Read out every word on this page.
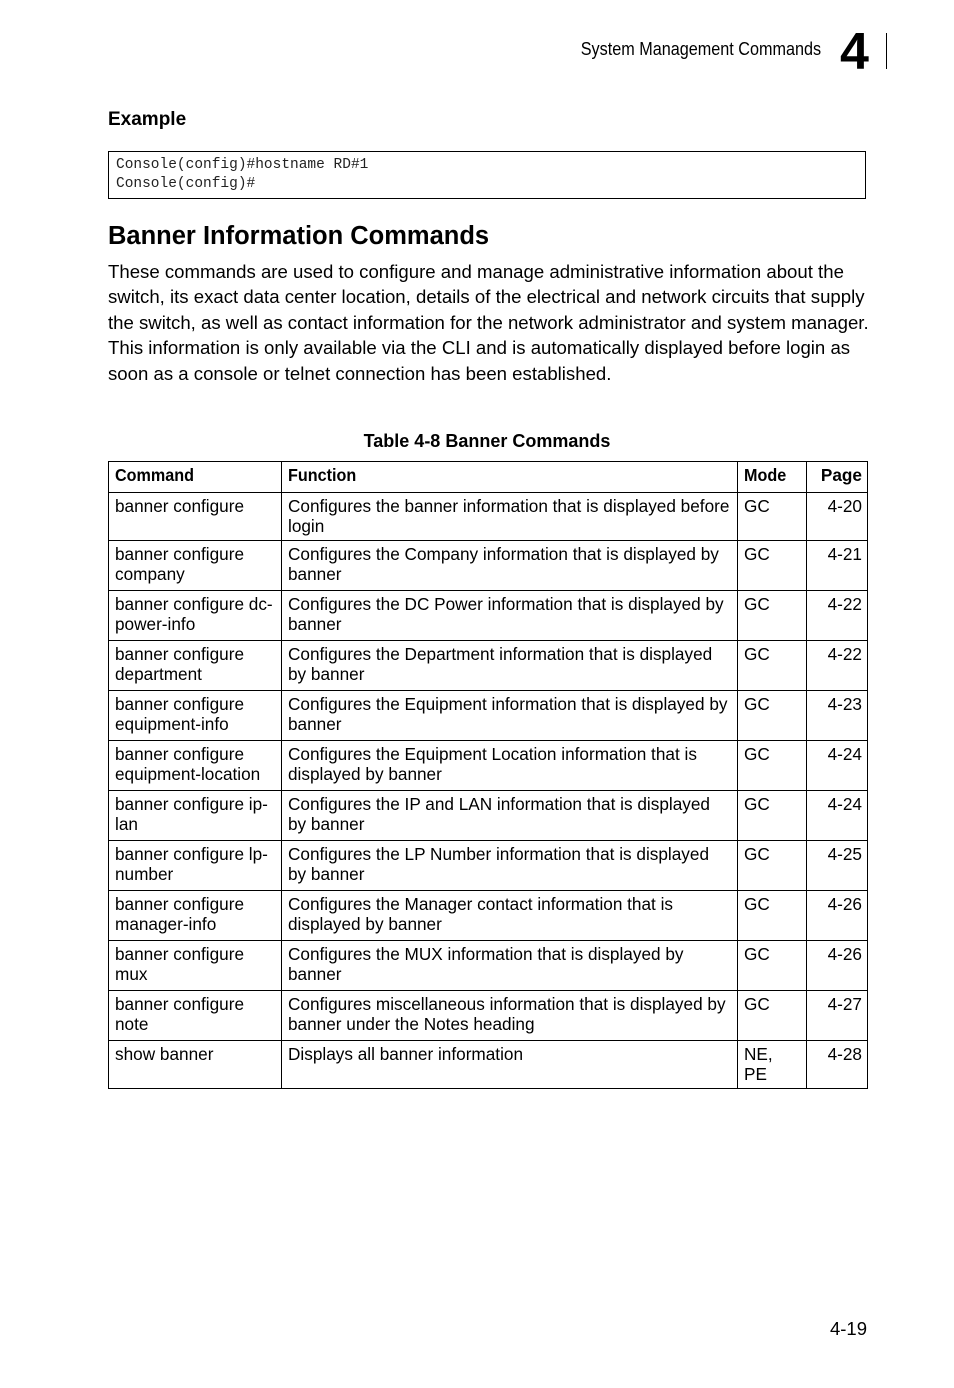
System Management Commands 4
Example
Console(config)#hostname RD#1
Console(config)#
Banner Information Commands
These commands are used to configure and manage administrative information about the switch, its exact data center location, details of the electrical and network circuits that supply the switch, as well as contact information for the network administrator and system manager. This information is only available via the CLI and is automatically displayed before login as soon as a console or telnet connection has been established.
Table 4-8 Banner Commands
Command	Function	Mode	Page
banner configure	Configures the banner information that is displayed before login	GC	4-20
banner configure company	Configures the Company information that is displayed by banner	GC	4-21
banner configure dc-power-info	Configures the DC Power information that is displayed by banner	GC	4-22
banner configure department	Configures the Department information that is displayed by banner	GC	4-22
banner configure equipment-info	Configures the Equipment information that is displayed by banner	GC	4-23
banner configure equipment-location	Configures the Equipment Location information that is displayed by banner	GC	4-24
banner configure ip-lan	Configures the IP and LAN information that is displayed by banner	GC	4-24
banner configure lp-number	Configures the LP Number information that is displayed by banner	GC	4-25
banner configure manager-info	Configures the Manager contact information that is displayed by banner	GC	4-26
banner configure mux	Configures the MUX information that is displayed by banner	GC	4-26
banner configure note	Configures miscellaneous information that is displayed by banner under the Notes heading	GC	4-27
show banner	Displays all banner information	NE, PE	4-28
4-19
